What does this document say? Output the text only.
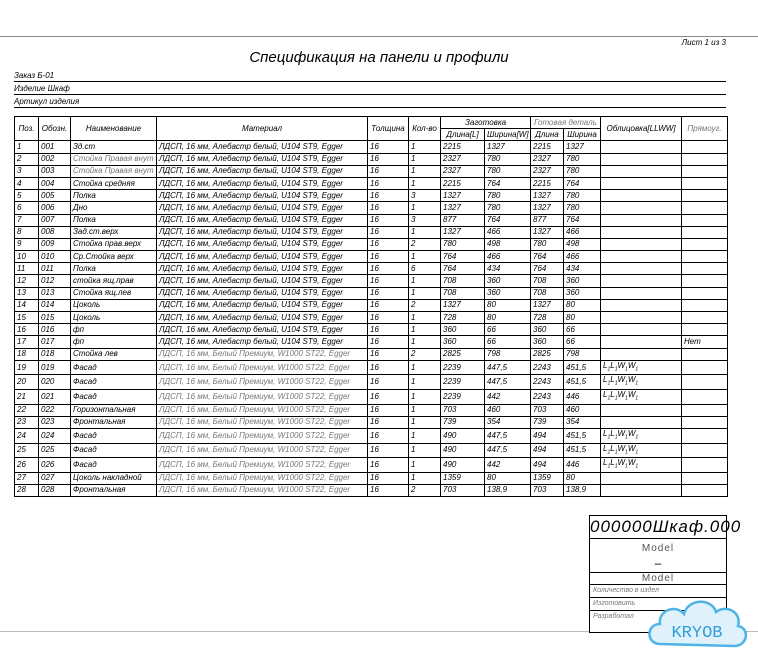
Лист 1 из 3
Спецификация на панели и профили
Заказ Б-01
Изделие Шкаф
Артикул изделия
Поз.	Обозн.	Наименование	Материал	Толщина	Кол-во	Заготовка		Готовая деталь		Облицовка[LLWW]	Прямоуг.
						Длина[L]	Ширина[W]	Длина	Ширина		
1	001	Зд.ст	ЛДСП, 16 мм, Алебастр белый, U104 ST9, Egger	16	1	2215	1327	2215	1327		
2	002	Стойка Правая внут	ЛДСП, 16 мм, Алебастр белый, U104 ST9, Egger	16	1	2327	780	2327	780		
3	003	Стойка Правая внут	ЛДСП, 16 мм, Алебастр белый, U104 ST9, Egger	16	1	2327	780	2327	780		
4	004	Стойка средняя	ЛДСП, 16 мм, Алебастр белый, U104 ST9, Egger	16	1	2215	764	2215	764		
5	005	Полка	ЛДСП, 16 мм, Алебастр белый, U104 ST9, Egger	16	3	1327	780	1327	780		
6	006	Дно	ЛДСП, 16 мм, Алебастр белый, U104 ST9, Egger	16	1	1327	780	1327	780		
7	007	Полка	ЛДСП, 16 мм, Алебастр белый, U104 ST9, Egger	16	3	877	764	877	764		
8	008	Зад.ст.верх	ЛДСП, 16 мм, Алебастр белый, U104 ST9, Egger	16	1	1327	466	1327	466		
9	009	Стойка прав.верх	ЛДСП, 16 мм, Алебастр белый, U104 ST9, Egger	16	2	780	498	780	498		
10	010	Ср.Стойка верх	ЛДСП, 16 мм, Алебастр белый, U104 ST9, Egger	16	1	764	466	764	466		
11	011	Полка	ЛДСП, 16 мм, Алебастр белый, U104 ST9, Egger	16	6	764	434	764	434		
12	012	стойка ящ.прав	ЛДСП, 16 мм, Алебастр белый, U104 ST9, Egger	16	1	708	360	708	360		
13	013	Стойка ящ.лев	ЛДСП, 16 мм, Алебастр белый, U104 ST9, Egger	16	1	708	360	708	360		
14	014	Цоколь	ЛДСП, 16 мм, Алебастр белый, U104 ST9, Egger	16	2	1327	80	1327	80		
15	015	Цоколь	ЛДСП, 16 мм, Алебастр белый, U104 ST9, Egger	16	1	728	80	728	80		
16	016	фп	ЛДСП, 16 мм, Алебастр белый, U104 ST9, Egger	16	1	360	66	360	66		
17	017	фп	ЛДСП, 16 мм, Алебастр белый, U104 ST9, Egger	16	1	360	66	360	66		Нет
18	018	Стойка лев	ЛДСП, 16 мм, Белый Премиум, W1000 ST22, Egger	16	2	2825	798	2825	798		
19	019	Фасад	ЛДСП, 16 мм, Белый Премиум, W1000 ST22, Egger	16	1	2239	447,5	2243	451,5	$L_1L_1W_1W_1$	
20	020	Фасад	ЛДСП, 16 мм, Белый Премиум, W1000 ST22, Egger	16	1	2239	447,5	2243	451,5	$L_1L_1W_1W_1$	
21	021	Фасад	ЛДСП, 16 мм, Белый Премиум, W1000 ST22, Egger	16	1	2239	442	2243	446	$L_1L_1W_1W_1$	
22	022	Горизонтальная	ЛДСП, 16 мм, Белый Премиум, W1000 ST22, Egger	16	1	703	460	703	460		
23	023	Фронтальная	ЛДСП, 16 мм, Белый Премиум, W1000 ST22, Egger	16	1	739	354	739	354		
24	024	Фасад	ЛДСП, 16 мм, Белый Премиум, W1000 ST22, Egger	16	1	490	447,5	494	451,5	$L_1L_1W_1W_1$	
25	025	Фасад	ЛДСП, 16 мм, Белый Премиум, W1000 ST22, Egger	16	1	490	447,5	494	451,5	$L_1L_1W_1W_1$	
26	026	Фасад	ЛДСП, 16 мм, Белый Премиум, W1000 ST22, Egger	16	1	490	442	494	446	$L_1L_1W_1W_1$	
27	027	Цоколь накладной	ЛДСП, 16 мм, Белый Премиум, W1000 ST22, Egger	16	1	1359	80	1359	80		
28	028	Фронтальная	ЛДСП, 16 мм, Белый Премиум, W1000 ST22, Egger	16	2	703	138,9	703	138,9		
000000Шкаф.000
Model
–
Model
Количество в издел
Изготовить
Разработал
KRYOB
